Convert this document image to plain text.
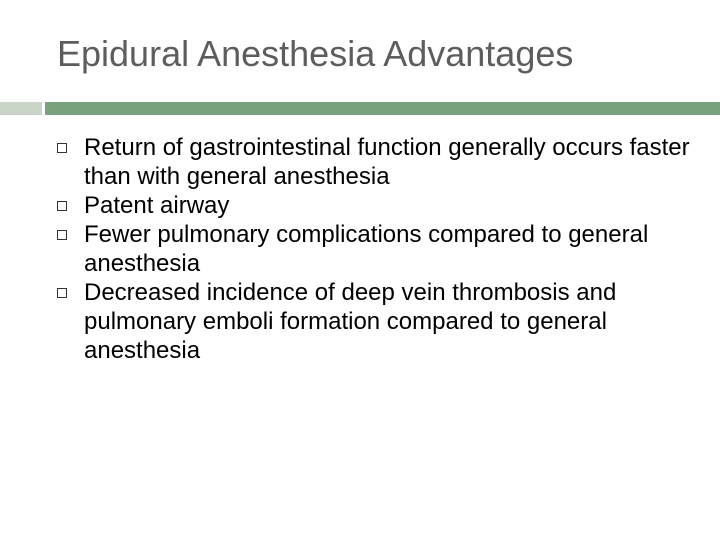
Epidural Anesthesia Advantages
Return of gastrointestinal function generally occurs faster than with general anesthesia
Patent airway
Fewer pulmonary complications compared to general anesthesia
Decreased incidence of deep vein thrombosis and pulmonary emboli formation compared to general anesthesia
